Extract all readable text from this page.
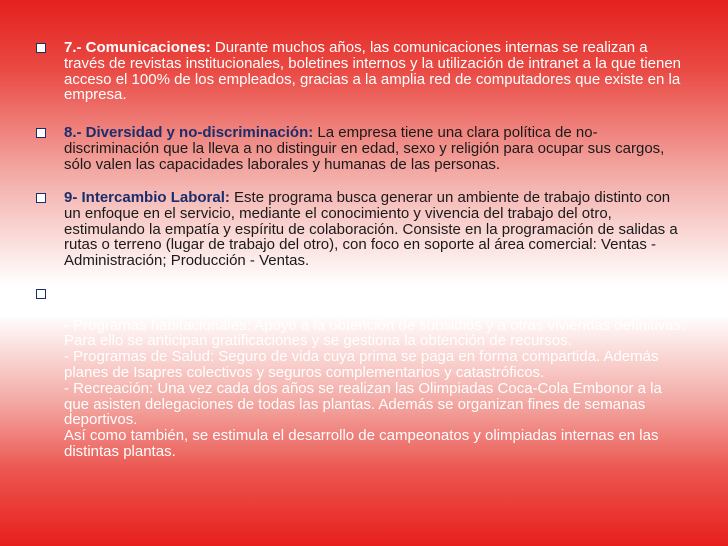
7.- Comunicaciones: Durante muchos años, las comunicaciones internas se realizan a través de revistas institucionales, boletines internos y la utilización de intranet a la que tienen acceso el 100% de los empleados, gracias a la amplia red de computadores que existe en la empresa.
8.- Diversidad y no-discriminación: La empresa tiene una clara política de no-discriminación que la lleva a no distinguir en edad, sexo y religión para ocupar sus cargos, sólo valen las capacidades laborales y humanas de las personas.
9- Intercambio Laboral: Este programa busca generar un ambiente de trabajo distinto con un enfoque en el servicio, mediante el conocimiento y vivencia del trabajo del otro, estimulando la empatía y espíritu de colaboración. Consiste en la programación de salidas a rutas o terreno (lugar de trabajo del otro), con foco en soporte al área comercial: Ventas - Administración; Producción - Ventas.

10.- Beneficios:

- Becas de estudio para trabajadores y sus hijos.

- Programas habitacionales: Apoyo a la obtención de subsidios y a otras viviendas definitivas. Para ello se anticipan gratificaciones y se gestiona la obtención de recursos.

- Programas de Salud: Seguro de vida cuya prima se paga en forma compartida. Además planes de Isapres colectivos y seguros complementarios y catastróficos.

- Recreación: Una vez cada dos años se realizan las Olimpiadas Coca-Cola Embonor a la que asisten delegaciones de todas las plantas. Además se organizan fines de semanas deportivos.

Así como también, se estimula el desarrollo de campeonatos y olimpiadas internas en las distintas plantas.
